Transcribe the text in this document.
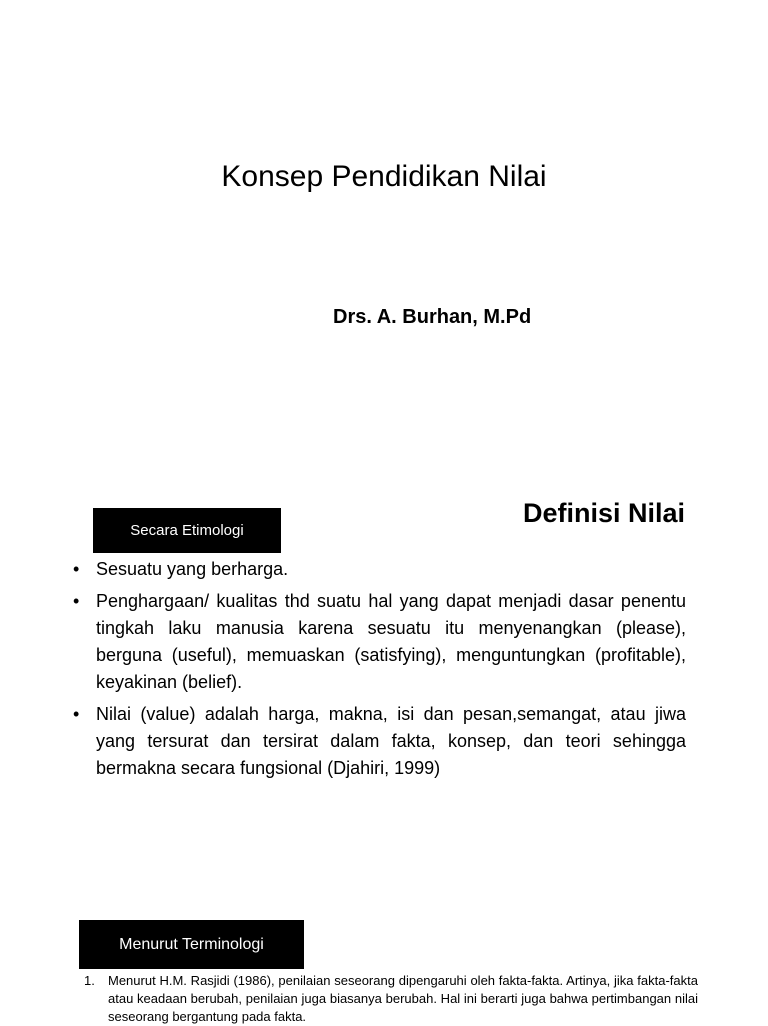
Konsep Pendidikan Nilai
Drs. A. Burhan, M.Pd
Secara Etimologi
Definisi Nilai
• Sesuatu yang berharga.
• Penghargaan/ kualitas thd suatu hal yang dapat menjadi dasar penentu tingkah laku manusia karena sesuatu itu menyenangkan (please), berguna (useful), memuaskan (satisfying), menguntungkan (profitable), keyakinan (belief).
• Nilai (value) adalah harga, makna, isi dan pesan,semangat, atau jiwa yang tersurat dan tersirat dalam fakta, konsep, dan teori sehingga bermakna secara fungsional (Djahiri, 1999)
Menurut Terminologi
1. Menurut H.M. Rasjidi (1986), penilaian seseorang dipengaruhi oleh fakta-fakta. Artinya, jika fakta-fakta atau keadaan berubah, penilaian juga biasanya berubah. Hal ini berarti juga bahwa pertimbangan nilai seseorang bergantung pada fakta.
